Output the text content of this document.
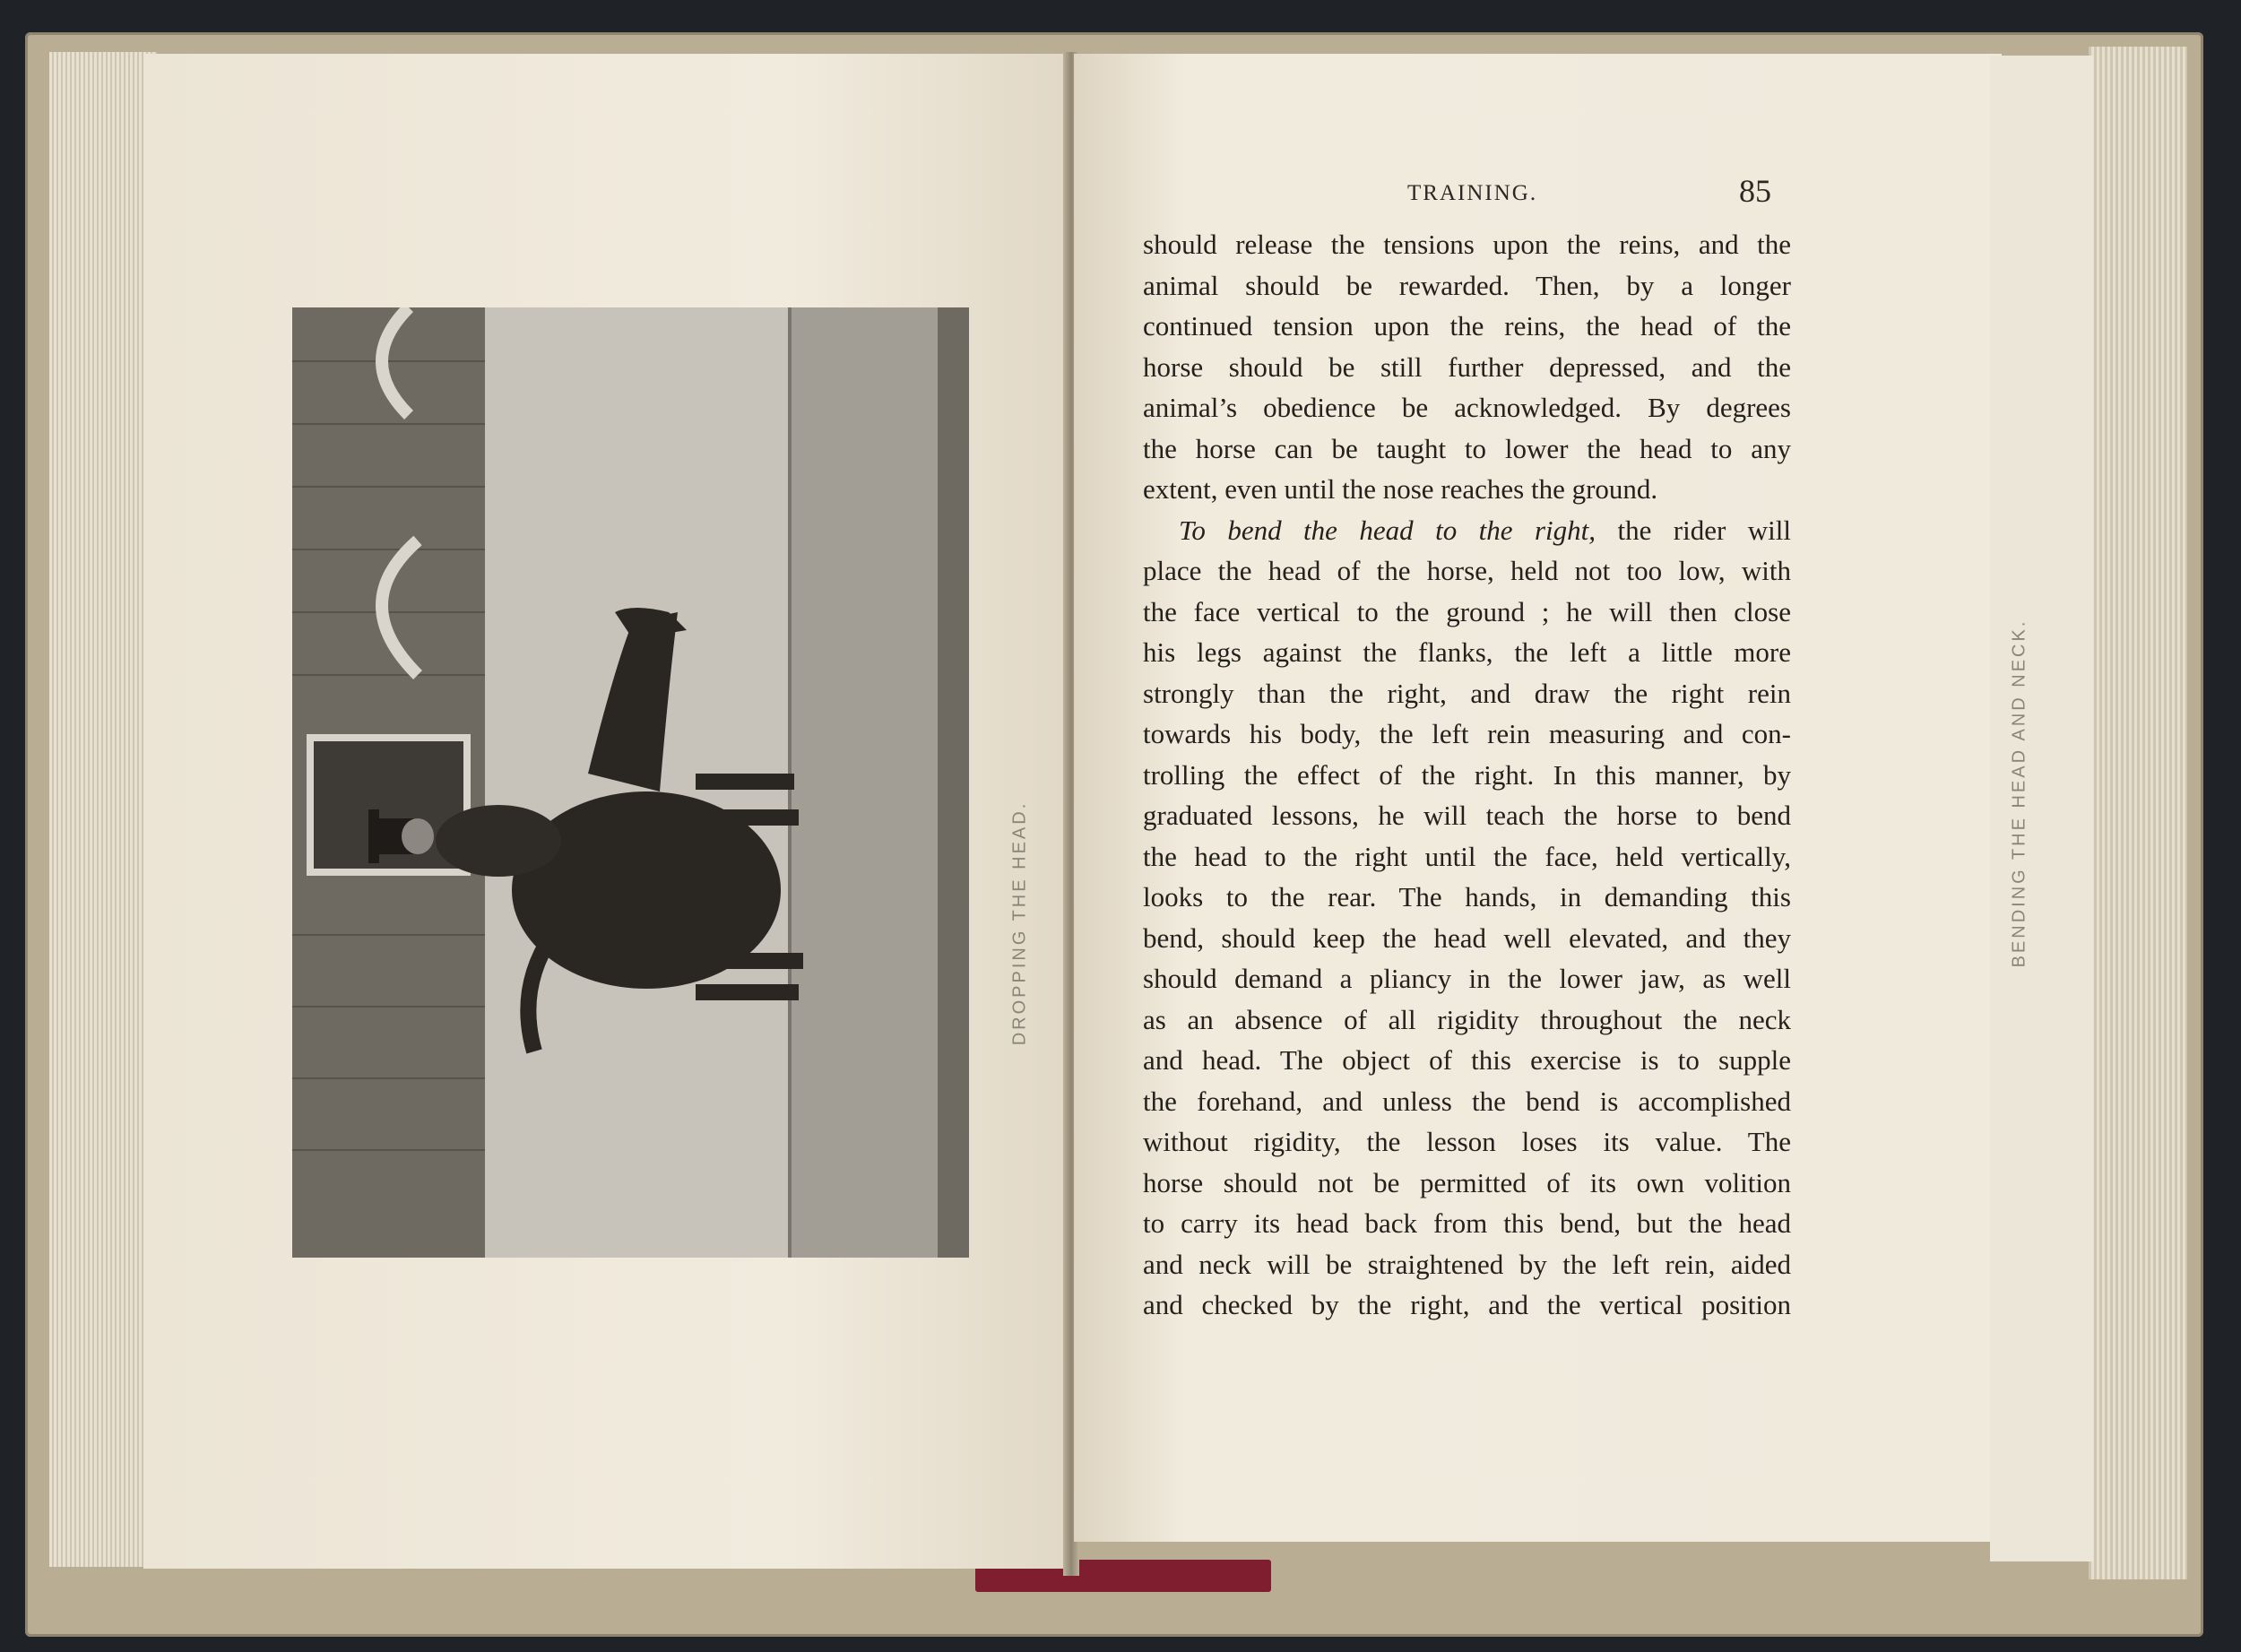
DROPPING THE HEAD.	BENDING THE HEAD AND NECK.
TRAINING.	85
should release the tensions upon the reins, and the
animal should be rewarded. Then, by a longer
continued tension upon the reins, the head of the
horse should be still further depressed, and the
animal’s obedience be acknowledged. By degrees
the horse can be taught to lower the head to any
extent, even until the nose reaches the ground.
To bend the head to the right, the rider will
place the head of the horse, held not too low, with
the face vertical to the ground ; he will then close
his legs against the flanks, the left a little more
strongly than the right, and draw the right rein
towards his body, the left rein measuring and con-
trolling the effect of the right. In this manner, by
graduated lessons, he will teach the horse to bend
the head to the right until the face, held vertically,
looks to the rear. The hands, in demanding this
bend, should keep the head well elevated, and they
should demand a pliancy in the lower jaw, as well
as an absence of all rigidity throughout the neck
and head. The object of this exercise is to supple
the forehand, and unless the bend is accomplished
without rigidity, the lesson loses its value. The
horse should not be permitted of its own volition
to carry its head back from this bend, but the head
and neck will be straightened by the left rein, aided
and checked by the right, and the vertical position
